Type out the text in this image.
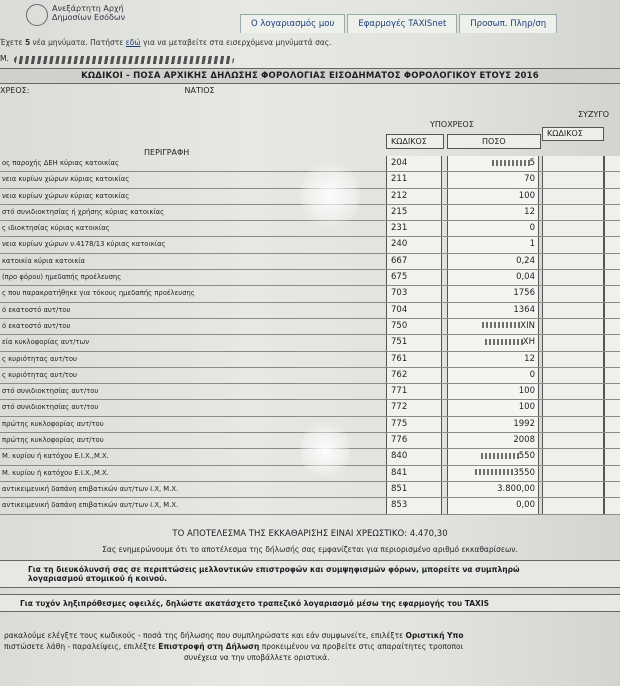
Ανεξάρτητη Αρχή
Δημοσίων Εσόδων
Ο λογαριασμός μου	Εφαρμογές TAXISnet	Προσωπ. Πληρ/ση
Έχετε 5 νέα μηνύματα. Πατήστε εδώ για να μεταβείτε στα εισερχόμενα μηνύματά σας.
Μ.
ΚΩΔΙΚΟΙ - ΠΟΣΑ ΑΡΧΙΚΗΣ ΔΗΛΩΣΗΣ ΦΟΡΟΛΟΓΙΑΣ ΕΙΣΟΔΗΜΑΤΟΣ ΦΟΡΟΛΟΓΙΚΟΥ ΕΤΟΥΣ 2016
ΧΡΕΟΣ:	ΝΑΤΙΟΣ
ΥΠΟΧΡΕΟΣ
ΣΥΖΥΓΟ
ΠΕΡΙΓΡΑΦΗ
ΚΩΔΙΚΟΣ	ΠΟΣΟ
ΚΩΔΙΚΟΣ
ος παροχής ΔΕΗ κύριας κατοικίας	204	5
νεια κυρίων χώρων κύριας κατοικίας	211	70
νεια κυρίων χώρων κύριας κατοικίας	212	100
στό συνιδιοκτησίας ή χρήσης κύριας κατοικίας	215	12
ς ιδιοκτησίας κύριας κατοικίας	231	0
νεια κυρίων χώρων ν.4178/13 κύριας κατοικίας	240	1
κατοικία κύρια κατοικία	667	0,24
(προ φόρου) ημεδαπής προέλευσης	675	0,04
ς που παρακρατήθηκε για τόκους ημεδαπής προέλευσης	703	1756
ό εκατοστό αυτ/του	704	1364
ό εκατοστό αυτ/του	750	ΧΙΝ
εία κυκλοφορίας αυτ/των	751	ΧΗ
ς κυριότητας αυτ/του	761	12
ς κυριότητας αυτ/του	762	0
στό συνιδιοκτησίας αυτ/του	771	100
στό συνιδιοκτησίας αυτ/του	772	100
πρώτης κυκλοφορίας αυτ/του	775	1992
πρώτης κυκλοφορίας αυτ/του	776	2008
Μ. κυρίου ή κατόχου Ε.Ι.Χ.,Μ.Χ.	840	550
Μ. κυρίου ή κατόχου Ε.Ι.Χ.,Μ.Χ.	841	3550
αντικειμενική δαπάνη επιβατικών αυτ/των Ι.Χ, Μ.Χ.	851	3.800,00
αντικειμενική δαπάνη επιβατικών αυτ/των Ι.Χ, Μ.Χ.	853	0,00
ΤΟ ΑΠΟΤΕΛΕΣΜΑ ΤΗΣ ΕΚΚΑΘΑΡΙΣΗΣ ΕΙΝΑΙ ΧΡΕΩΣΤΙΚΟ: 4.470,30
Σας ενημερώνουμε ότι το αποτέλεσμα της δήλωσής σας εμφανίζεται για περιορισμένο αριθμό εκκαθαρίσεων.
Για τη διευκόλυνσή σας σε περιπτώσεις μελλοντικών επιστροφών και συμψηφισμών φόρων, μπορείτε να συμπληρώ
λογαριασμού ατομικού ή κοινού.
Για τυχόν ληξιπρόθεσμες οφειλές, δηλώστε ακατάσχετο τραπεζικό λογαριασμό μέσω της εφαρμογής του TAXIS
ρακαλούμε ελέγξτε τους κωδικούς - ποσά της δήλωσης που συμπληρώσατε και εάν συμφωνείτε, επιλέξτε Οριστική Υπο
πιστώσετε λάθη - παραλείψεις, επιλέξτε Επιστροφή στη Δήλωση προκειμένου να προβείτε στις απαραίτητες τροποποι
συνέχεια να την υποβάλλετε οριστικά.
